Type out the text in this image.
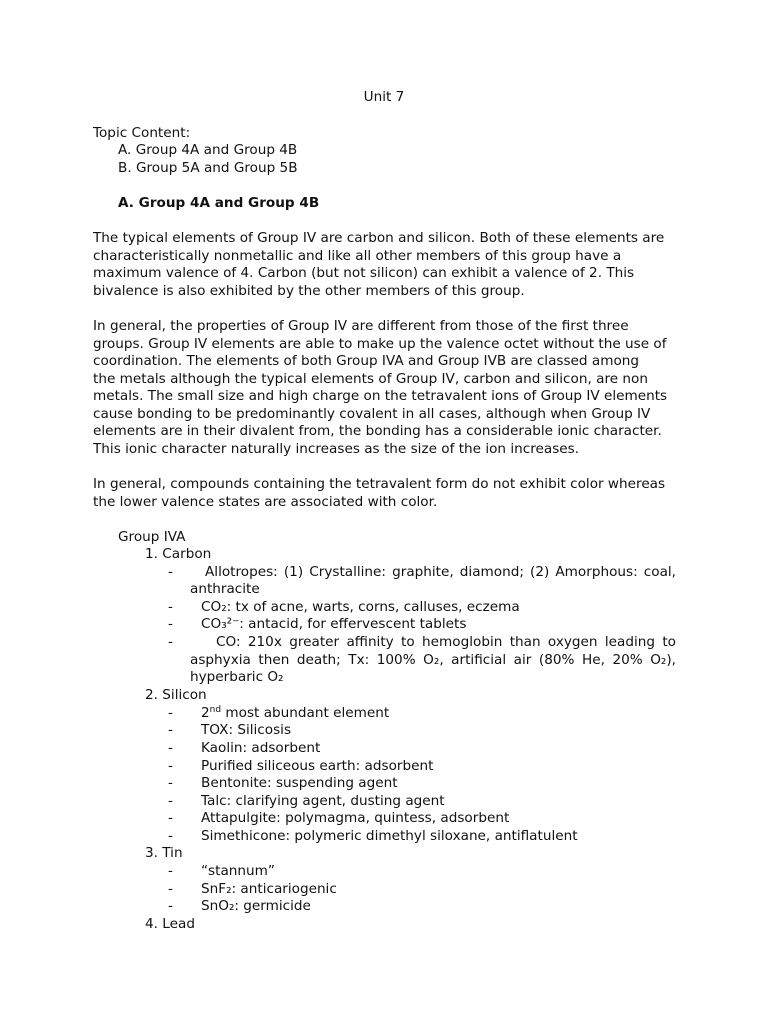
Unit 7
Topic Content:
A. Group 4A and Group 4B
B. Group 5A and Group 5B
A. Group 4A and Group 4B
The typical elements of Group IV are carbon and silicon. Both of these elements are
characteristically nonmetallic and like all other members of this group have a
maximum valence of 4. Carbon (but not silicon) can exhibit a valence of 2. This
bivalence is also exhibited by the other members of this group.
In general, the properties of Group IV are different from those of the first three
groups. Group IV elements are able to make up the valence octet without the use of
coordination. The elements of both Group IVA and Group IVB are classed among
the metals although the typical elements of Group IV, carbon and silicon, are non
metals. The small size and high charge on the tetravalent ions of Group IV elements
cause bonding to be predominantly covalent in all cases, although when Group IV
elements are in their divalent from, the bonding has a considerable ionic character.
This ionic character naturally increases as the size of the ion increases.
In general, compounds containing the tetravalent form do not exhibit color whereas
the lower valence states are associated with color.
Group IVA
1. Carbon
-	Allotropes: (1) Crystalline: graphite, diamond; (2) Amorphous: coal,
anthracite
- CO₂: tx of acne, warts, corns, calluses, eczema
- CO₃²⁻: antacid, for effervescent tablets
-	CO: 210x greater affinity to hemoglobin than oxygen leading to
asphyxia then death; Tx: 100% O₂, artificial air (80% He, 20% O₂),
hyperbaric O₂
2. Silicon
- 2nd most abundant element
- TOX: Silicosis
- Kaolin: adsorbent
- Purified siliceous earth: adsorbent
- Bentonite: suspending agent
- Talc: clarifying agent, dusting agent
- Attapulgite: polymagma, quintess, adsorbent
- Simethicone: polymeric dimethyl siloxane, antiflatulent
3. Tin
- “stannum”
- SnF₂: anticariogenic
- SnO₂: germicide
4. Lead
